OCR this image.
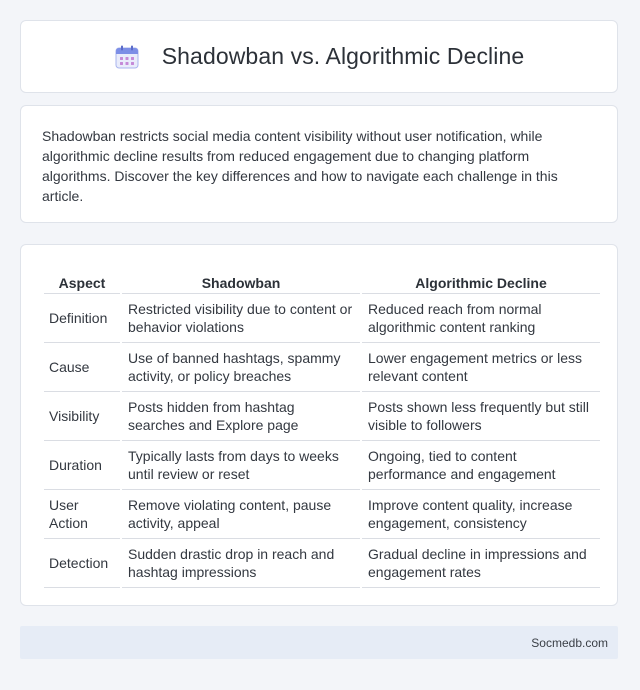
Shadowban vs. Algorithmic Decline

Shadowban restricts social media content visibility without user notification, while algorithmic decline results from reduced engagement due to changing platform algorithms. Discover the key differences and how to navigate each challenge in this article.

Aspect	Shadowban	Algorithmic Decline
Definition	Restricted visibility due to content or behavior violations	Reduced reach from normal algorithmic content ranking
Cause	Use of banned hashtags, spammy activity, or policy breaches	Lower engagement metrics or less relevant content
Visibility	Posts hidden from hashtag searches and Explore page	Posts shown less frequently but still visible to followers
Duration	Typically lasts from days to weeks until review or reset	Ongoing, tied to content performance and engagement
User Action	Remove violating content, pause activity, appeal	Improve content quality, increase engagement, consistency
Detection	Sudden drastic drop in reach and hashtag impressions	Gradual decline in impressions and engagement rates
Socmedb.com
